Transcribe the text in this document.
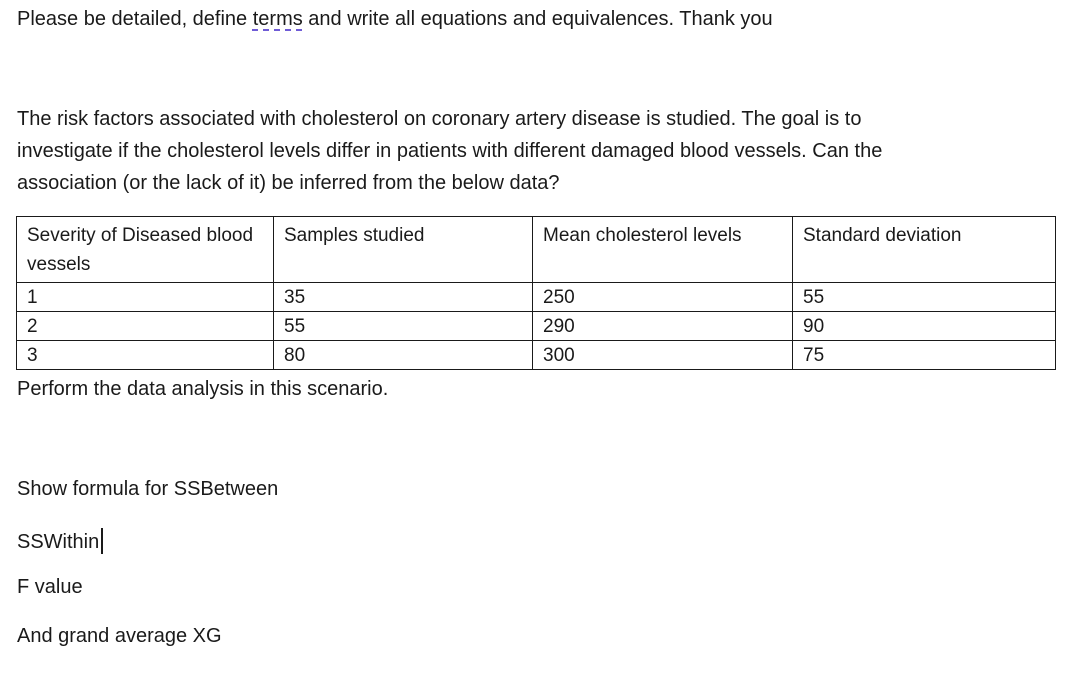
Please be detailed, define terms and write all equations and equivalences. Thank you
The risk factors associated with cholesterol on coronary artery disease is studied. The goal is to
investigate if the cholesterol levels differ in patients with different damaged blood vessels. Can the
association (or the lack of it) be inferred from the below data?
Severity of Diseased blood vessels	Samples studied	Mean cholesterol levels	Standard deviation
1	35	250	55
2	55	290	90
3	80	300	75
Perform the data analysis in this scenario.
Show formula for SSBetween
SSWithin
F value
And grand average XG
